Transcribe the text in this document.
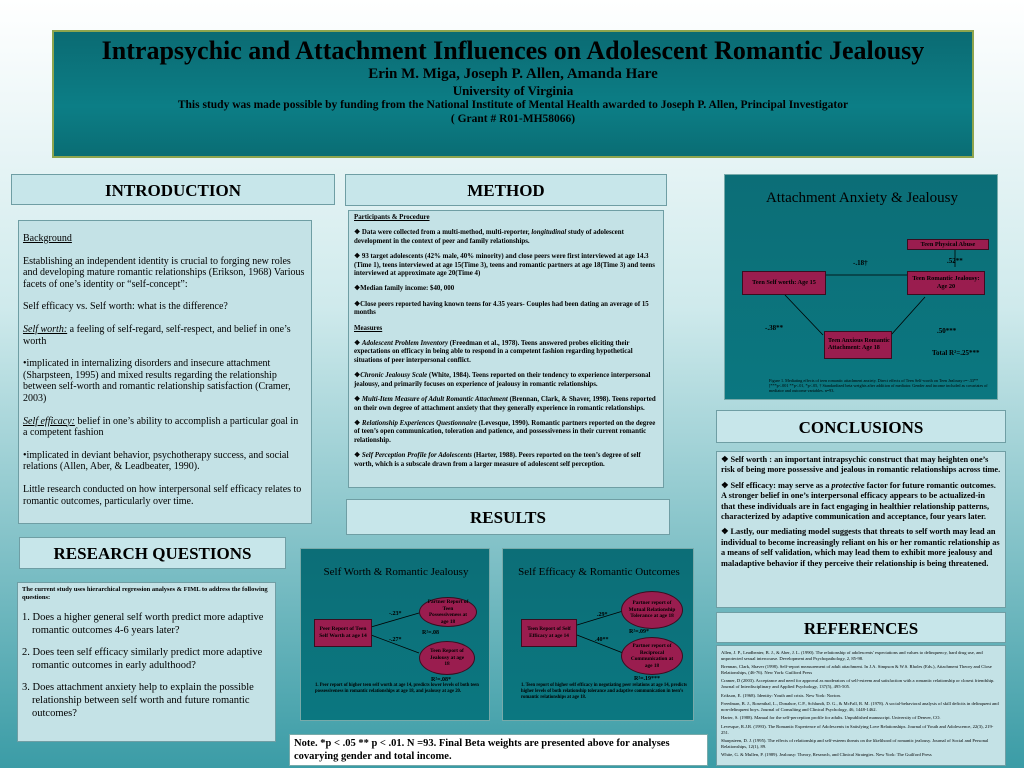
Intrapsychic and Attachment Influences on Adolescent Romantic Jealousy
Erin M. Miga, Joseph P. Allen, Amanda Hare
University of Virginia
This study was made possible by funding from the National Institute of Mental Health awarded to Joseph P. Allen, Principal Investigator
( Grant # R01-MH58066)
INTRODUCTION	METHOD
RESULTS
RESEARCH QUESTIONS
CONCLUSIONS
REFERENCES

Background

Establishing an independent identity is crucial to forging new roles and developing mature romantic relationships (Erikson, 1968) Various facets of one’s identity or “self-concept”:

Self efficacy vs. Self worth: what is the difference?

Self worth: a feeling of self-regard, self-respect, and belief in one’s worth

•implicated in internalizing disorders and insecure attachment (Sharpsteen, 1995) and mixed results regarding the relationship between self-worth and romantic relationship satisfaction (Cramer, 2003)

Self efficacy: belief in one’s ability to accomplish a particular goal in a competent fashion

•implicated in deviant behavior, psychotherapy success, and social relations (Allen, Aber, & Leadbeater, 1990).

Little research conducted on how interpersonal self efficacy relates to romantic outcomes, particularly over time.

Participants & Procedure

❖ Data were collected from a multi-method, multi-reporter, longitudinal study of adolescent development in the context of peer and family relationships.

❖ 93 target adolescents (42% male, 40% minority) and close peers were first interviewed at age 14.3 (Time 1), teens interviewed at age 15(Time 3), teens and romantic partners at age 18(Time 3) and teens interviewed at approximate age 20(Time 4)

❖Median family income: $40, 000

❖Close peers reported having known teens for 4.35 years- Couples had been dating an average of 15 months

Measures

❖ Adolescent Problem Inventory (Freedman et al., 1978). Teens answered probes eliciting their expectations on efficacy in being able to respond in a competent fashion regarding hypothetical situations of peer interpersonal conflict.

❖Chronic Jealousy Scale (White, 1984). Teens reported on their tendency to experience interpersonal jealousy, and primarily focuses on experience of jealousy in romantic relationships.

❖ Multi-Item Measure of Adult Romantic Attachment (Brennan, Clark, & Shaver, 1998). Teens reported on their own degree of attachment anxiety that they generally experience in romantic relationships.

❖ Relationship Experiences Questionnaire (Levesque, 1990). Romantic partners reported on the degree of teen’s open communication, toleration and patience, and possessiveness in their current romantic relationship.

❖ Self Perception Profile for Adolescents (Harter, 1988). Peers reported on the teen’s degree of self worth, which is a subscale drawn from a larger measure of adolescent self perception.

The current study uses hierarchical regression analyses & FIML to address the following questions:
1. Does a higher general self worth predict more adaptive romantic outcomes 4-6 years later?
2. Does teen self efficacy similarly predict more adaptive romantic outcomes in early adulthood?
3. Does attachment anxiety help to explain the possible relationship between self worth and future romantic outcomes?
Self Worth & Romantic Jealousy
Peer Report of Teen Self Worth at age 14
Partner Report of Teen Possessiveness at age 18
Teen Report of Jealousy at age 18
-.23*
-.27*
R²=.08
R²=.08*
1. Peer report of higher teen self worth at age 14, predicts lower levels of both teen possessiveness in romantic relationships at age 18, and jealousy at age 20.
Self Efficacy & Romantic Outcomes
Teen Report of Self Efficacy at age 14
Partner report of Mutual Relationship Tolerance at age 18
Partner report of Reciprocal Communication at age 18
.29*
.40**
R²=.09*
R²=.19***
1. Teen report of higher self efficacy in negotiating peer relations at age 14, predicts higher levels of both relationship tolerance and adaptive communication in teen’s romantic relationships at age 18.
Attachment Anxiety & Jealousy
Teen Physical Abuse
Teen Self worth: Age 15
Teen Romantic Jealousy: Age 20
Teen Anxious Romantic Attachment: Age 18
-.18†	.52**
-.38**	.50***
Total R²=.25***
Figure 1. Mediating effects of teen romantic attachment anxiety. Direct effects of Teen Self-worth on Teen Jealousy r=-.33** [***p<.001 **p<.01, *p<.05, † Standardized beta weights after addition of mediator. Gender and income included as covariates of mediator and outcome variables. n=93.

❖ Self worth : an important intrapsychic construct that may heighten one’s risk of being more possessive and jealous in romantic relationships across time.

❖ Self efficacy: may serve as a protective factor for future romantic outcomes. A stronger belief in one’s interpersonal efficacy appears to be actualized-in that these individuals are in fact engaging in healthier relationship patterns, characterized by adaptive communication and acceptance, four years later.

❖ Lastly, our mediating model suggests that threats to self worth may lead an individual to become increasingly reliant on his or her romantic relationship as a means of self validation, which may lead them to exhibit more jealousy and maladaptive behavior if they perceive their relationship is being threatened.

Allen, J. P., Leadbeater, B. J., & Aber, J. L. (1990). The relationship of adolescents' expectations and values to delinquency, hard drug use, and unprotected sexual intercourse. Development and Psychopathology, 2, 85-98.

Brennan, Clark, Shaver (1998). Self-report measurement of adult attachment. In J.A. Simpson & W.S. Rholes (Eds.), Attachment Theory and Close Relationships, (46-76). New York: Guilford Press

Cramer, D (2003). Acceptance and need for approval as moderators of self-esteem and satisfaction with a romantic relationship or closest friendship. Journal of Interdisciplinary and Applied Psychology, 137(5), 495-505.

Erikson, E. (1968). Identity: Youth and crisis. New York: Norton.

Freedman, B. J., Rosenthal, L., Donahoe, C.P., Schlundt, D. G., & McFall, R. M. (1978). A social-behavioral analysis of skill deficits in delinquent and non-delinquent boys. Journal of Consulting and Clinical Psychology, 46, 1448-1462.

Harter, S. (1988). Manual for the self-perception profile for adults. Unpublished manuscript. University of Denver, CO.

Levesque, R.J.R. (1993). The Romantic Experience of Adolescents in Satisfying Love Relationships. Journal of Youth and Adolescence, 22(3), 219-251.

Sharpsteen, D. J. (1995). The effects of relationship and self-esteem threats on the likelihood of romantic jealousy. Journal of Social and Personal Relationships, 12(1), 89.

White, G. & Mullen, P. (1989). Jealousy: Theory, Research, and Clinical Strategies. New York: The Guilford Press

Note. *p < .05 ** p < .01. N =93. Final Beta weights are presented above for analyses covarying gender and total income.
